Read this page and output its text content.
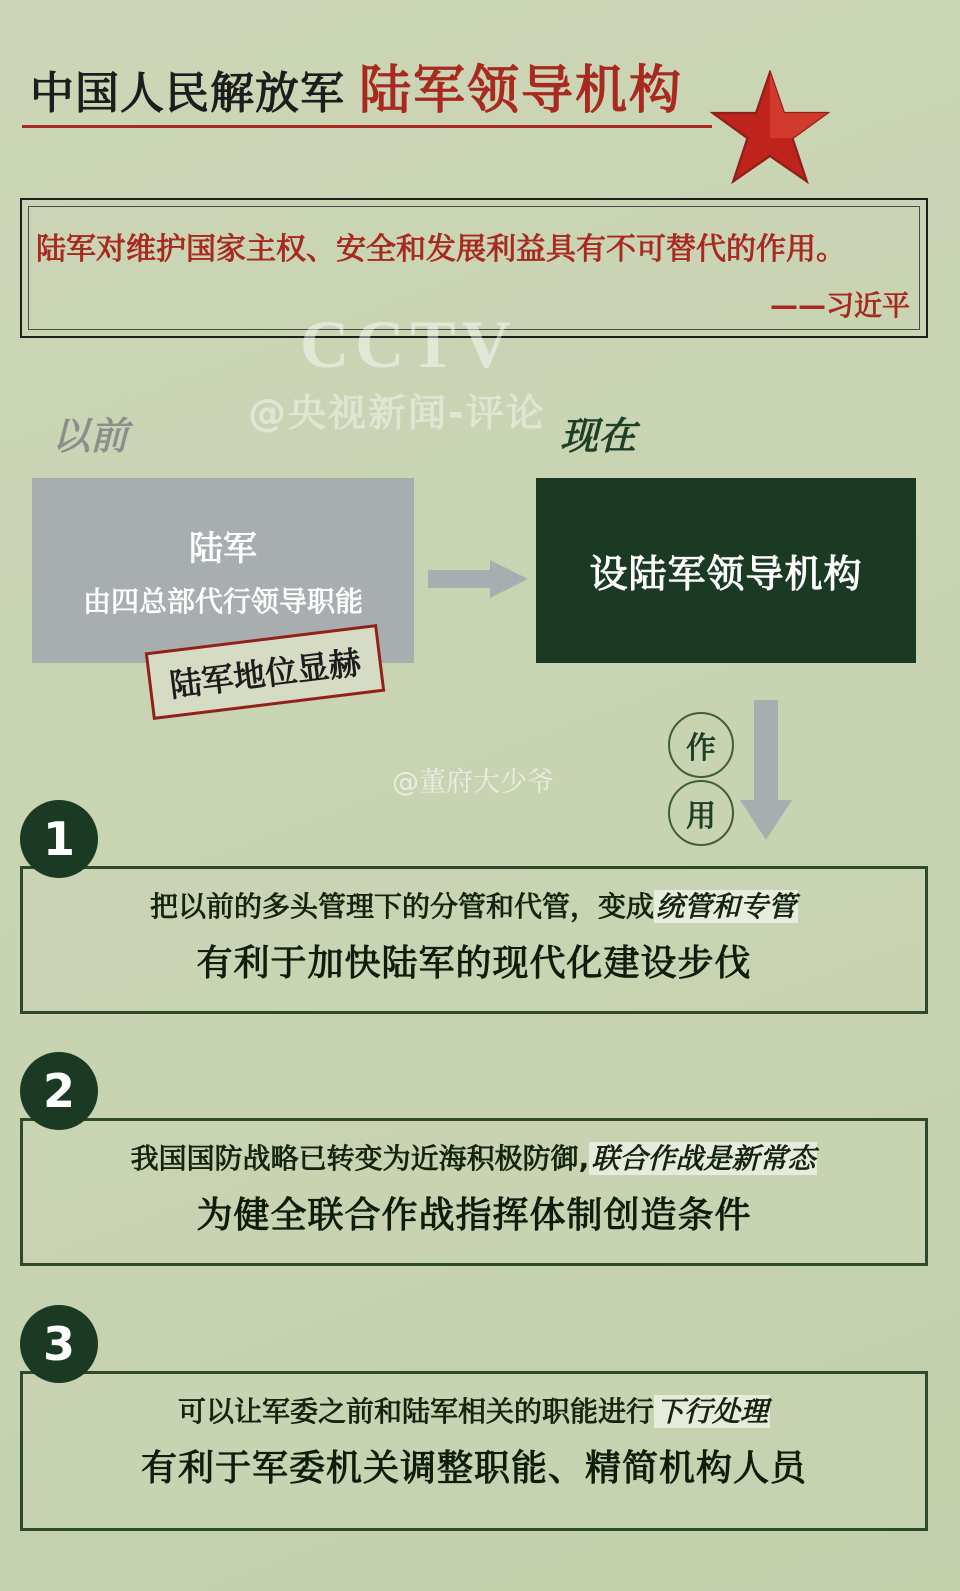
中国人民解放军 陆军领导机构
陆军对维护国家主权、安全和发展利益具有不可替代的作用。
——习近平
CCTV
@央视新闻-评论
@董府大少爷
以前	现在
陆军
由四总部代行领导职能
设陆军领导机构
陆军地位显赫
作
用
1
把以前的多头管理下的分管和代管，变成统管和专管
有利于加快陆军的现代化建设步伐
2
我国国防战略已转变为近海积极防御,联合作战是新常态
为健全联合作战指挥体制创造条件
3
可以让军委之前和陆军相关的职能进行下行处理
有利于军委机关调整职能、精简机构人员
